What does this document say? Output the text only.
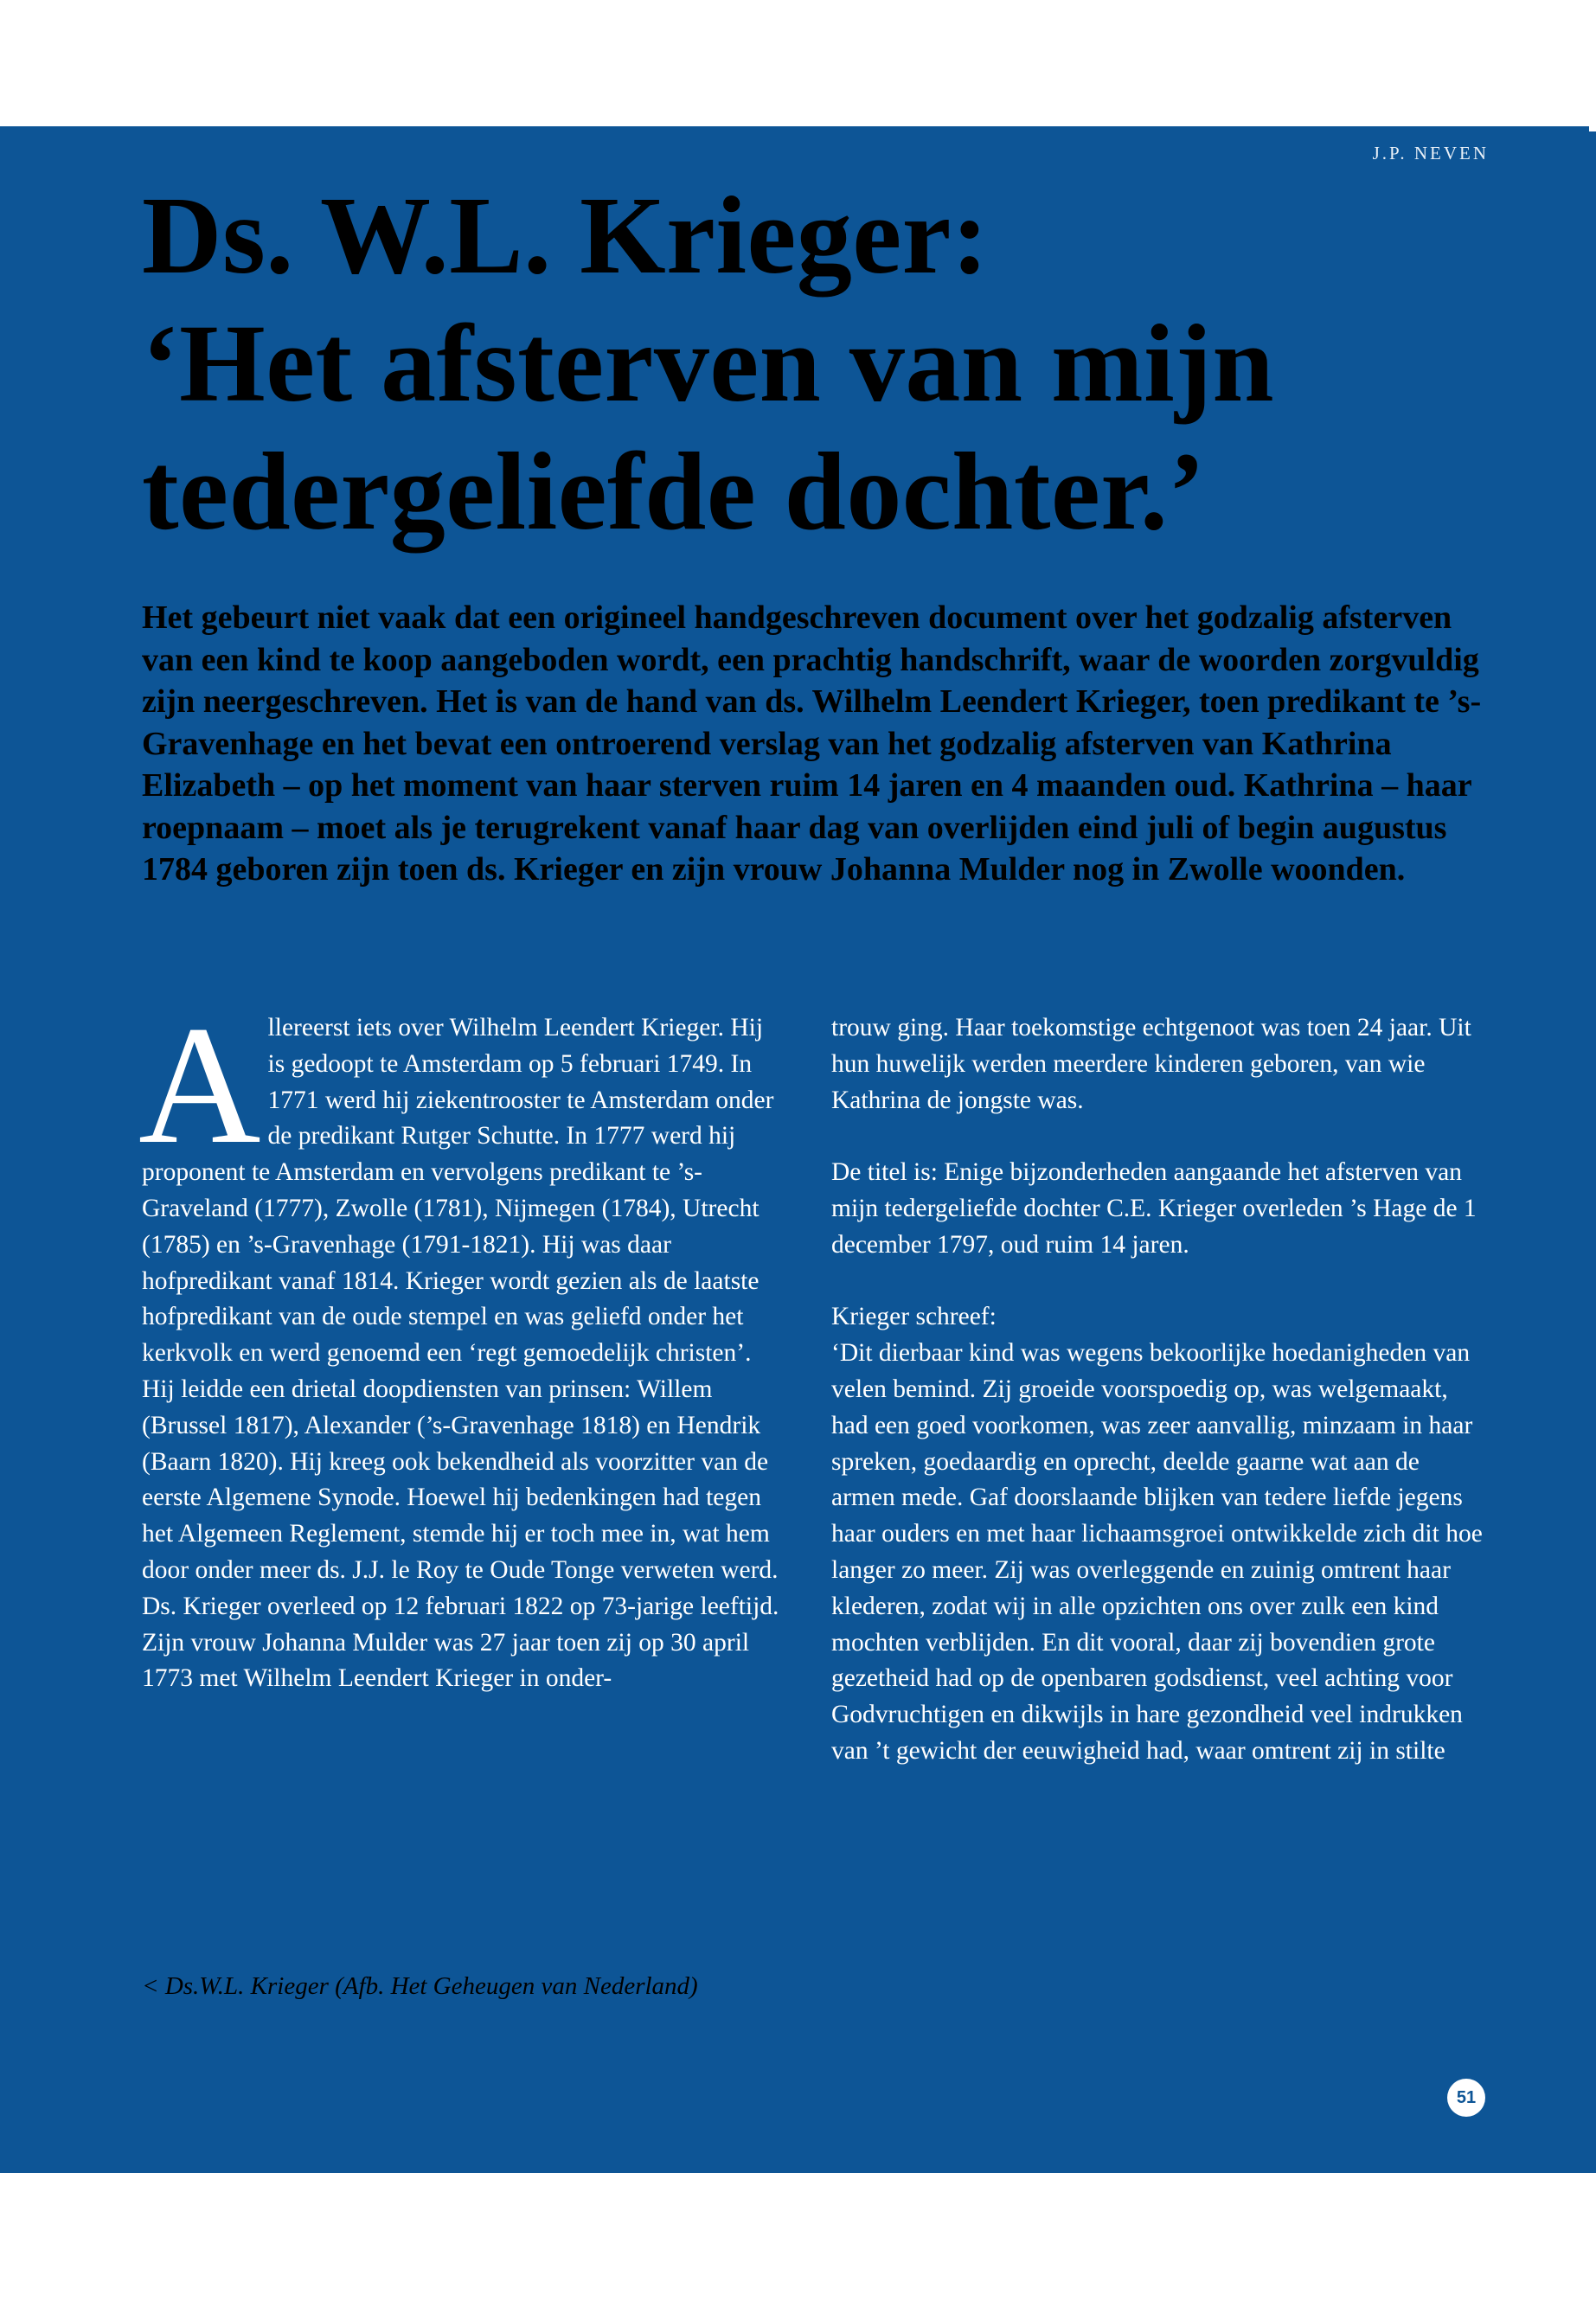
J.P. NEVEN
Ds. W.L. Krieger:
‘Het afsterven van mijn
tedergeliefde dochter.’

Het gebeurt niet vaak dat een origineel handgeschreven document over het godzalig afsterven van een kind te koop aangeboden wordt, een prachtig handschrift, waar de woorden zorgvuldig zijn neergeschreven. Het is van de hand van ds. Wilhelm Leendert Krieger, toen predikant te ’s-Gravenhage en het bevat een ontroerend verslag van het godzalig afsterven van Kathrina Elizabeth – op het moment van haar sterven ruim 14 jaren en 4 maanden oud. Kathrina – haar roepnaam – moet als je terugrekent vanaf haar dag van overlijden eind juli of begin augustus 1784 geboren zijn toen ds. Krieger en zijn vrouw Johanna Mulder nog in Zwolle woonden.

Allereerst iets over Wilhelm Leendert Krieger. Hij is gedoopt te Amsterdam op 5 februari 1749. In 1771 werd hij ziekentrooster te Amsterdam onder de predikant Rutger Schutte. In 1777 werd hij proponent te Amsterdam en vervolgens predikant te ’s-Graveland (1777), Zwolle (1781), Nijmegen (1784), Utrecht (1785) en ’s-Gravenhage (1791-1821). Hij was daar hofpredikant vanaf 1814. Krieger wordt gezien als de laatste hofpredikant van de oude stempel en was geliefd onder het kerkvolk en werd genoemd een ‘regt gemoedelijk christen’. Hij leidde een drietal doopdiensten van prinsen: Willem (Brussel 1817), Alexander (’s-Gravenhage 1818) en Hendrik (Baarn 1820). Hij kreeg ook bekendheid als voorzitter van de eerste Algemene Synode. Hoewel hij bedenkingen had tegen het Algemeen Reglement, stemde hij er toch mee in, wat hem door onder meer ds. J.J. le Roy te Oude Tonge verweten werd. Ds. Krieger overleed op 12 februari 1822 op 73-jarige leeftijd.

Zijn vrouw Johanna Mulder was 27 jaar toen zij op 30 april 1773 met Wilhelm Leendert Krieger in onder-

< Ds.W.L. Krieger (Afb. Het Geheugen van Nederland)

trouw ging. Haar toekomstige echtgenoot was toen 24 jaar. Uit hun huwelijk werden meerdere kinderen geboren, van wie Kathrina de jongste was.

De titel is: Enige bijzonderheden aangaande het afsterven van mijn tedergeliefde dochter C.E. Krieger overleden ’s Hage de 1 december 1797, oud ruim 14 jaren.

Krieger schreef:

‘Dit dierbaar kind was wegens bekoorlijke hoedanigheden van velen bemind. Zij groeide voorspoedig op, was welgemaakt, had een goed voorkomen, was zeer aanvallig, minzaam in haar spreken, goedaardig en oprecht, deelde gaarne wat aan de armen mede. Gaf doorslaande blijken van tedere liefde jegens haar ouders en met haar lichaamsgroei ontwikkelde zich dit hoe langer zo meer. Zij was overleggende en zuinig omtrent haar klederen, zodat wij in alle opzichten ons over zulk een kind mochten verblijden. En dit vooral, daar zij bovendien grote gezetheid had op de openbaren godsdienst, veel achting voor Godvruchtigen en dikwijls in hare gezondheid veel indrukken van ’t gewicht der eeuwigheid had, waar omtrent zij in stilte

51
